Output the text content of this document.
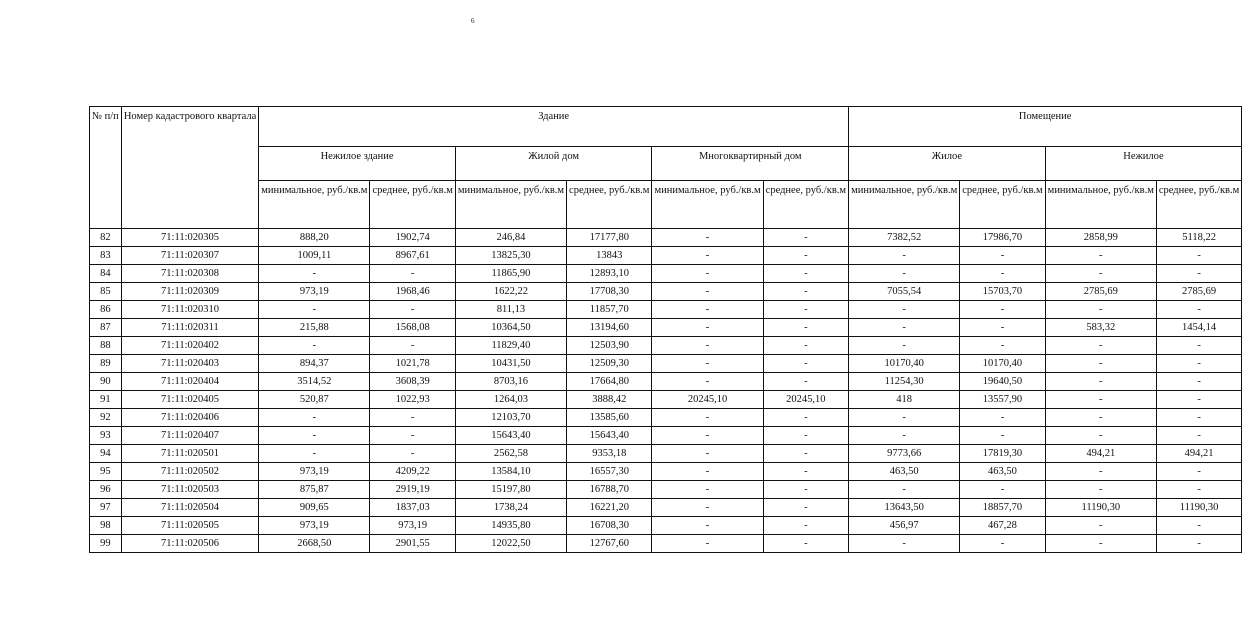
6
№ п/п	Номер кадастрового квартала	Здание						Помещение			
		Нежилое здание		Жилой дом		Многоквартирный дом		Жилое		Нежилое	
		минимальное, руб./кв.м	среднее, руб./кв.м	минимальное, руб./кв.м	среднее, руб./кв.м	минимальное, руб./кв.м	среднее, руб./кв.м	минимальное, руб./кв.м	среднее, руб./кв.м	минимальное, руб./кв.м	среднее, руб./кв.м
82	71:11:020305	888,20	1902,74	246,84	17177,80	-	-	7382,52	17986,70	2858,99	5118,22
83	71:11:020307	1009,11	8967,61	13825,30	13843	-	-	-	-	-	-
84	71:11:020308	-	-	11865,90	12893,10	-	-	-	-	-	-
85	71:11:020309	973,19	1968,46	1622,22	17708,30	-	-	7055,54	15703,70	2785,69	2785,69
86	71:11:020310	-	-	811,13	11857,70	-	-	-	-	-	-
87	71:11:020311	215,88	1568,08	10364,50	13194,60	-	-	-	-	583,32	1454,14
88	71:11:020402	-	-	11829,40	12503,90	-	-	-	-	-	-
89	71:11:020403	894,37	1021,78	10431,50	12509,30	-	-	10170,40	10170,40	-	-
90	71:11:020404	3514,52	3608,39	8703,16	17664,80	-	-	11254,30	19640,50	-	-
91	71:11:020405	520,87	1022,93	1264,03	3888,42	20245,10	20245,10	418	13557,90	-	-
92	71:11:020406	-	-	12103,70	13585,60	-	-	-	-	-	-
93	71:11:020407	-	-	15643,40	15643,40	-	-	-	-	-	-
94	71:11:020501	-	-	2562,58	9353,18	-	-	9773,66	17819,30	494,21	494,21
95	71:11:020502	973,19	4209,22	13584,10	16557,30	-	-	463,50	463,50	-	-
96	71:11:020503	875,87	2919,19	15197,80	16788,70	-	-	-	-	-	-
97	71:11:020504	909,65	1837,03	1738,24	16221,20	-	-	13643,50	18857,70	11190,30	11190,30
98	71:11:020505	973,19	973,19	14935,80	16708,30	-	-	456,97	467,28	-	-
99	71:11:020506	2668,50	2901,55	12022,50	12767,60	-	-	-	-	-	-
